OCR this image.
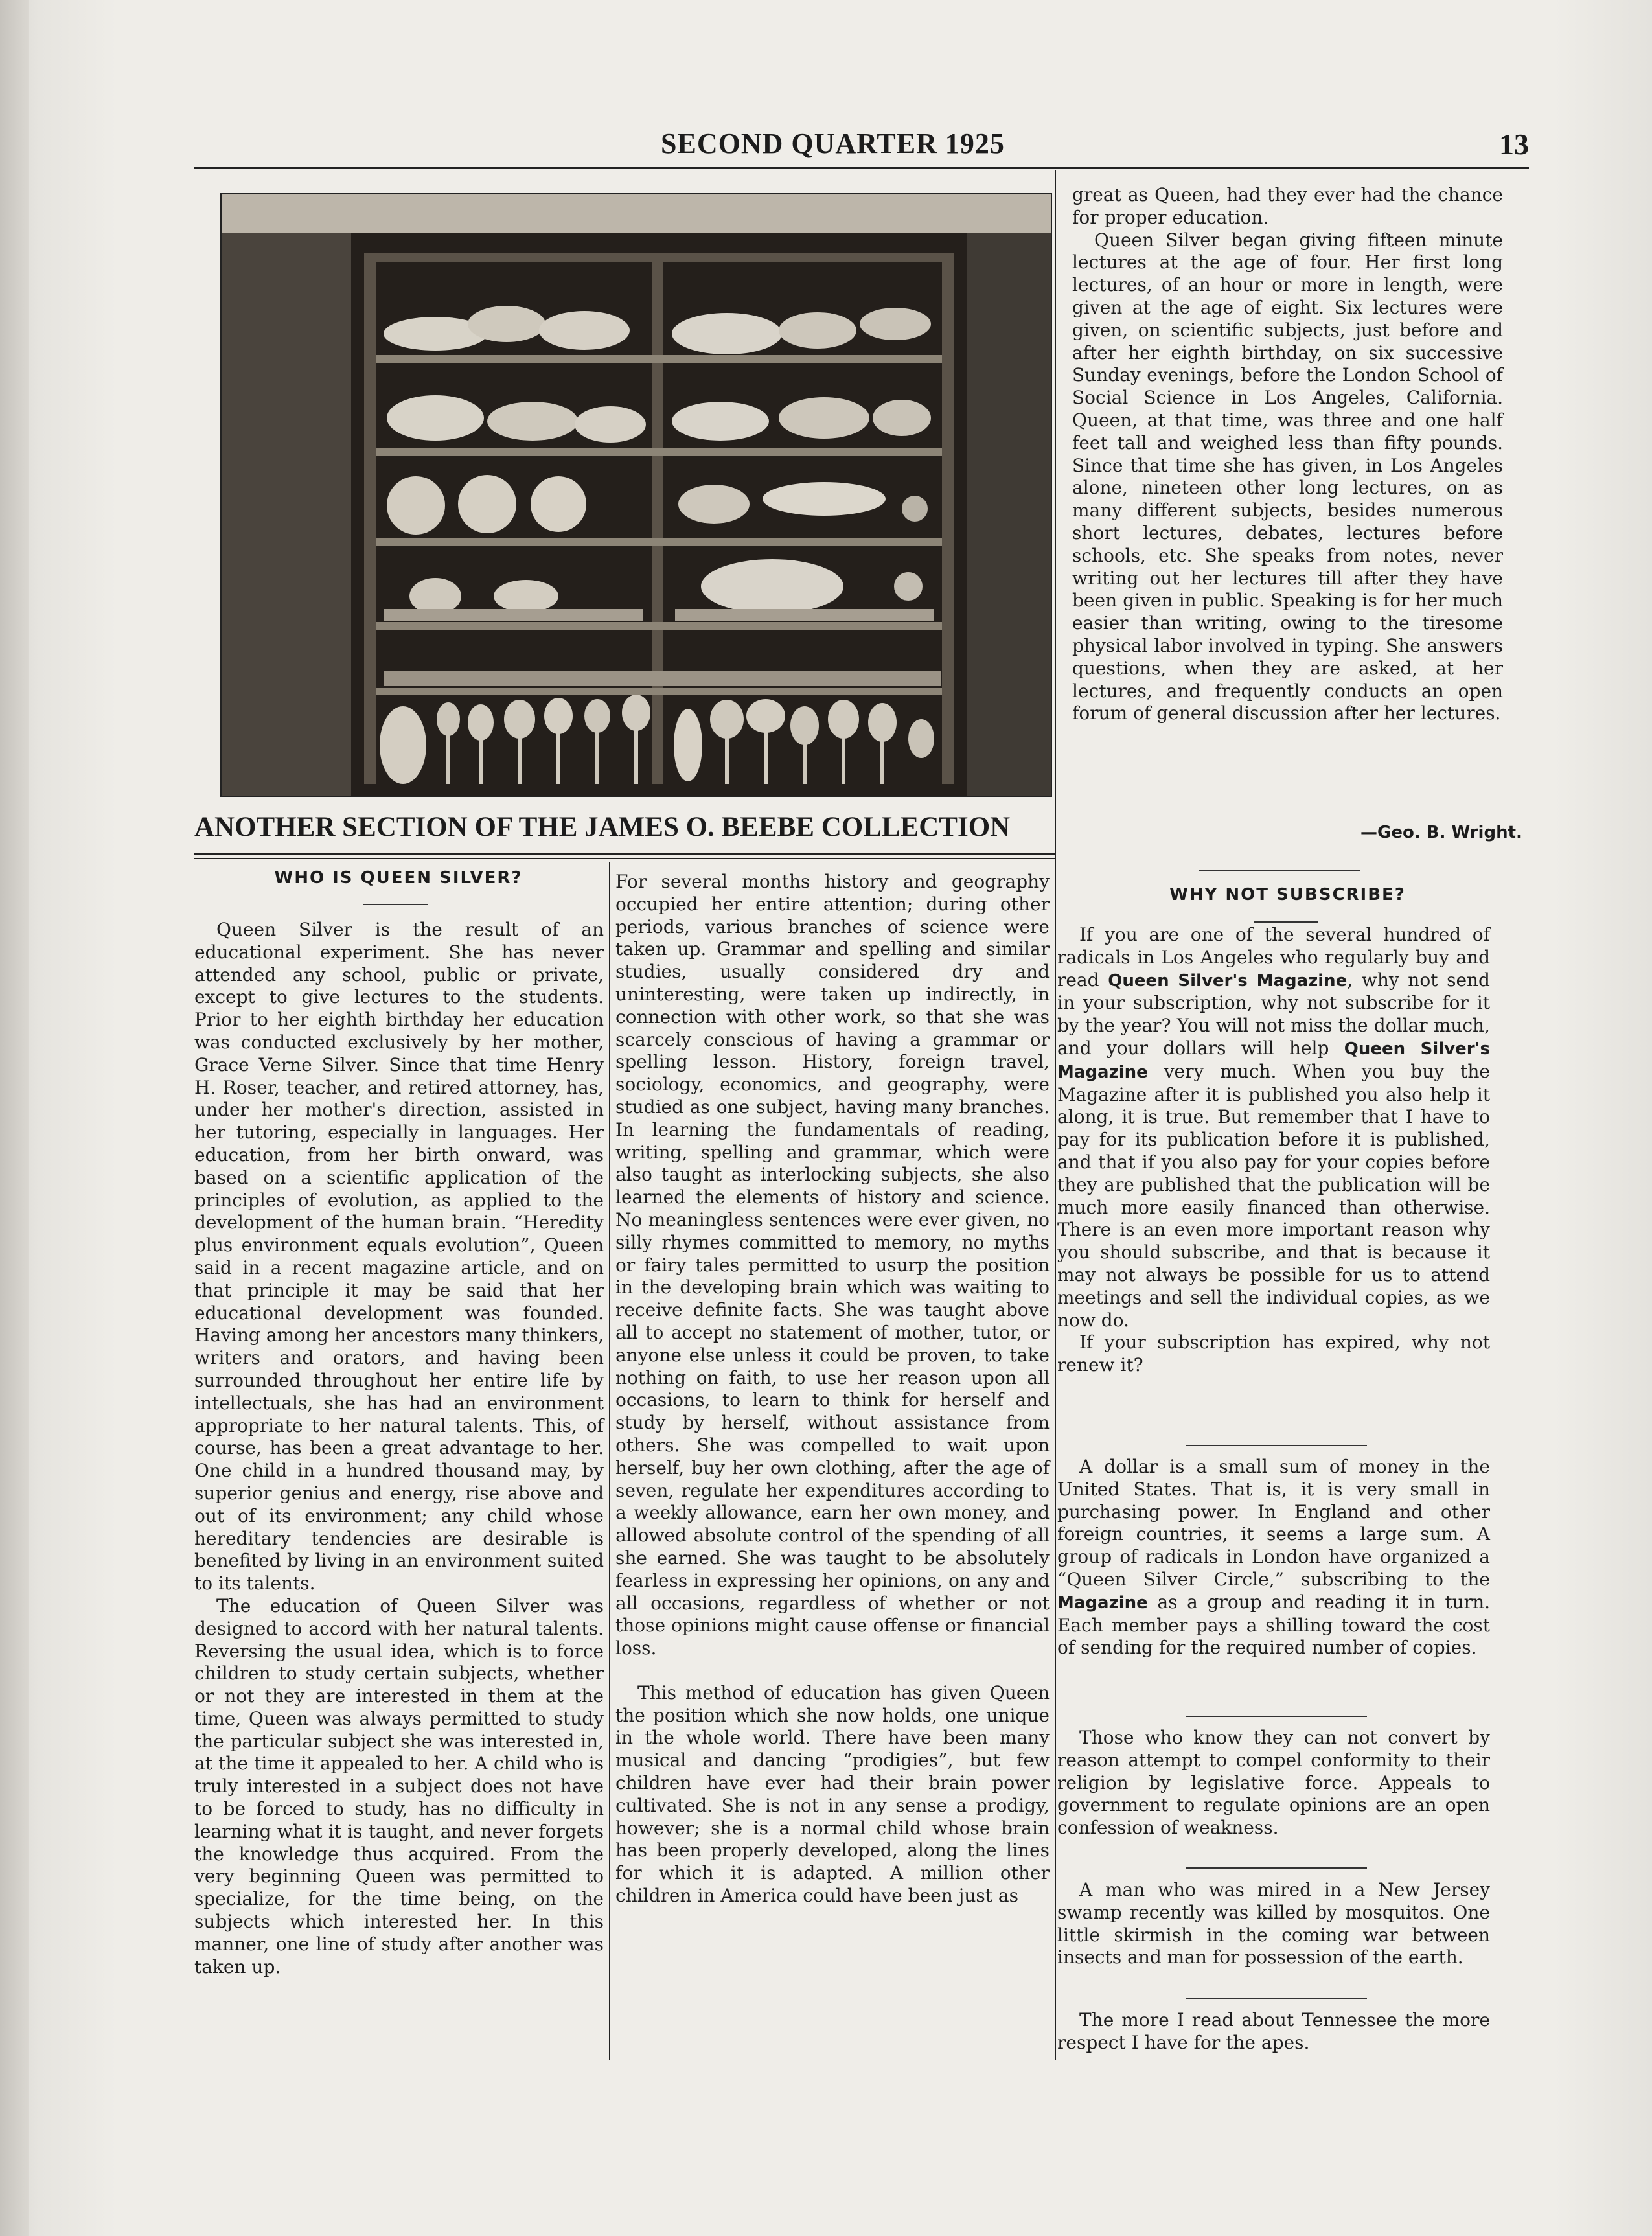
SECOND QUARTER 1925	13
ANOTHER SECTION OF THE JAMES O. BEEBE COLLECTION
WHO IS QUEEN SILVER?

Queen Silver is the result of an educational experiment. She has never attended any school, public or private, except to give lectures to the students. Prior to her eighth birthday her education was conducted exclusively by her mother, Grace Verne Silver. Since that time Henry H. Roser, teacher, and retired attorney, has, under her mother's direction, assisted in her tutoring, especially in languages. Her education, from her birth onward, was based on a scientific application of the principles of evolution, as applied to the development of the human brain. “Heredity plus environment equals evolution”, Queen said in a recent magazine article, and on that principle it may be said that her educational development was founded. Having among her ancestors many thinkers, writers and orators, and having been surrounded throughout her entire life by intellectuals, she has had an environment appropriate to her natural talents. This, of course, has been a great advantage to her. One child in a hundred thousand may, by superior genius and energy, rise above and out of its environment; any child whose hereditary tendencies are desirable is benefited by living in an environment suited to its talents.

The education of Queen Silver was designed to accord with her natural talents. Reversing the usual idea, which is to force children to study certain subjects, whether or not they are interested in them at the time, Queen was always permitted to study the particular subject she was interested in, at the time it appealed to her. A child who is truly interested in a subject does not have to be forced to study, has no difficulty in learning what it is taught, and never forgets the knowledge thus acquired. From the very beginning Queen was permitted to specialize, for the time being, on the subjects which interested her. In this manner, one line of study after another was taken up.

For several months history and geography occupied her entire attention; during other periods, various branches of science were taken up. Grammar and spelling and similar studies, usually considered dry and uninteresting, were taken up indirectly, in connection with other work, so that she was scarcely conscious of having a grammar or spelling lesson. History, foreign travel, sociology, economics, and geography, were studied as one subject, having many branches. In learning the fundamentals of reading, writing, spelling and grammar, which were also taught as interlocking subjects, she also learned the elements of history and science. No meaningless sentences were ever given, no silly rhymes committed to memory, no myths or fairy tales permitted to usurp the position in the developing brain which was waiting to receive definite facts. She was taught above all to accept no statement of mother, tutor, or anyone else unless it could be proven, to take nothing on faith, to use her reason upon all occasions, to learn to think for herself and study by herself, without assistance from others. She was compelled to wait upon herself, buy her own clothing, after the age of seven, regulate her expenditures according to a weekly allowance, earn her own money, and allowed absolute control of the spending of all she earned. She was taught to be absolutely fearless in expressing her opinions, on any and all occasions, regardless of whether or not those opinions might cause offense or financial loss.

This method of education has given Queen the position which she now holds, one unique in the whole world. There have been many musical and dancing “prodigies”, but few children have ever had their brain power cultivated. She is not in any sense a prodigy, however; she is a normal child whose brain has been properly developed, along the lines for which it is adapted. A million other children in America could have been just as

great as Queen, had they ever had the chance for proper education.

Queen Silver began giving fifteen minute lectures at the age of four. Her first long lectures, of an hour or more in length, were given at the age of eight. Six lectures were given, on scientific subjects, just before and after her eighth birthday, on six successive Sunday evenings, before the London School of Social Science in Los Angeles, California. Queen, at that time, was three and one half feet tall and weighed less than fifty pounds. Since that time she has given, in Los Angeles alone, nineteen other long lectures, on as many different subjects, besides numerous short lectures, debates, lectures before schools, etc. She speaks from notes, never writing out her lectures till after they have been given in public. Speaking is for her much easier than writing, owing to the tiresome physical labor involved in typing. She answers questions, when they are asked, at her lectures, and frequently conducts an open forum of general discussion after her lectures.

—Geo. B. Wright.
WHY NOT SUBSCRIBE?

If you are one of the several hundred of radicals in Los Angeles who regularly buy and read Queen Silver's Magazine, why not send in your subscription, why not subscribe for it by the year? You will not miss the dollar much, and your dollars will help Queen Silver's Magazine very much. When you buy the Magazine after it is published you also help it along, it is true. But remember that I have to pay for its publication before it is published, and that if you also pay for your copies before they are published that the publication will be much more easily financed than otherwise. There is an even more important reason why you should subscribe, and that is because it may not always be possible for us to attend meetings and sell the individual copies, as we now do.

If your subscription has expired, why not renew it?

A dollar is a small sum of money in the United States. That is, it is very small in purchasing power. In England and other foreign countries, it seems a large sum. A group of radicals in London have organized a “Queen Silver Circle,” subscribing to the Magazine as a group and reading it in turn. Each member pays a shilling toward the cost of sending for the required number of copies.

Those who know they can not convert by reason attempt to compel conformity to their religion by legislative force. Appeals to government to regulate opinions are an open confession of weakness.

A man who was mired in a New Jersey swamp recently was killed by mosquitos. One little skirmish in the coming war between insects and man for possession of the earth.

The more I read about Tennessee the more respect I have for the apes.
